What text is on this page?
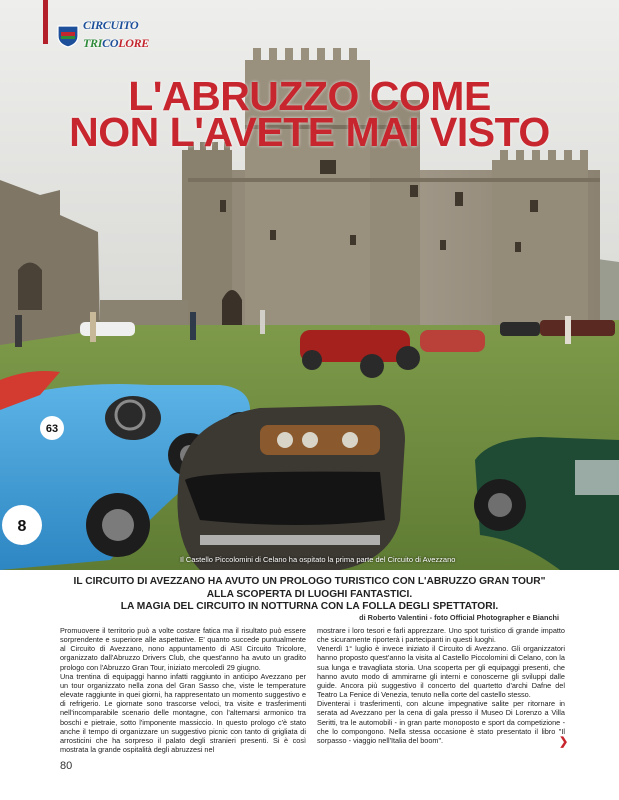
63
8
CIRCUITO
TRICOLORE
L'ABRUZZO COME
NON L'AVETE MAI VISTO
Il Castello Piccolomini di Celano ha ospitato la prima parte del Circuito di Avezzano
IL CIRCUITO DI AVEZZANO HA AVUTO UN PROLOGO TURISTICO CON L'ABRUZZO GRAN TOUR"
ALLA SCOPERTA DI LUOGHI FANTASTICI.
LA MAGIA DEL CIRCUITO IN NOTTURNA CON LA FOLLA DEGLI SPETTATORI.
di Roberto Valentini - foto Official Photographer e Bianchi

Promuovere il territorio può a volte costare fatica ma il risultato può essere sorprendente e superiore alle aspettative. E' quanto succede puntualmente al Circuito di Avezzano, nono appuntamento di ASI Circuito Tricolore, organizzato dall'Abruzzo Drivers Club, che quest'anno ha avuto un gradito prologo con l'Abruzzo Gran Tour, iniziato mercoledì 29 giugno.

Una trentina di equipaggi hanno infatti raggiunto in anticipo Avezzano per un tour organizzato nella zona del Gran Sasso che, viste le temperature elevate raggiunte in quei giorni, ha rappresentato un momento suggestivo e di refrigerio. Le giornate sono trascorse veloci, tra visite e trasferimenti nell'incomparabile scenario delle montagne, con l'alternarsi armonico tra boschi e pietraie, sotto l'imponente massiccio. In questo prologo c'è stato anche il tempo di organizzare un suggestivo picnic con tanto di grigliata di arrosticini che ha sorpreso il palato degli stranieri presenti. Si è così mostrata la grande ospitalità degli abruzzesi nel

mostrare i loro tesori e farli apprezzare. Uno spot turistico di grande impatto che sicuramente riporterà i partecipanti in questi luoghi.

Venerdì 1° luglio è invece iniziato il Circuito di Avezzano. Gli organizzatori hanno proposto quest'anno la visita al Castello Piccolomini di Celano, con la sua lunga e travagliata storia. Una scoperta per gli equipaggi presenti, che hanno avuto modo di ammirarne gli interni e conoscerne gli sviluppi dalle guide. Ancora più suggestivo il concerto del quartetto d'archi Dafne del Teatro La Fenice di Venezia, tenuto nella corte del castello stesso.

Diventerai i trasferimenti, con alcune impegnative salite per ritornare in serata ad Avezzano per la cena di gala presso il Museo Di Lorenzo a Villa Seritti, tra le automobili - in gran parte monoposto e sport da competizione - che lo compongono. Nella stessa occasione è stato presentato il libro "Il sorpasso - viaggio nell'Italia del boom".	❯
80
